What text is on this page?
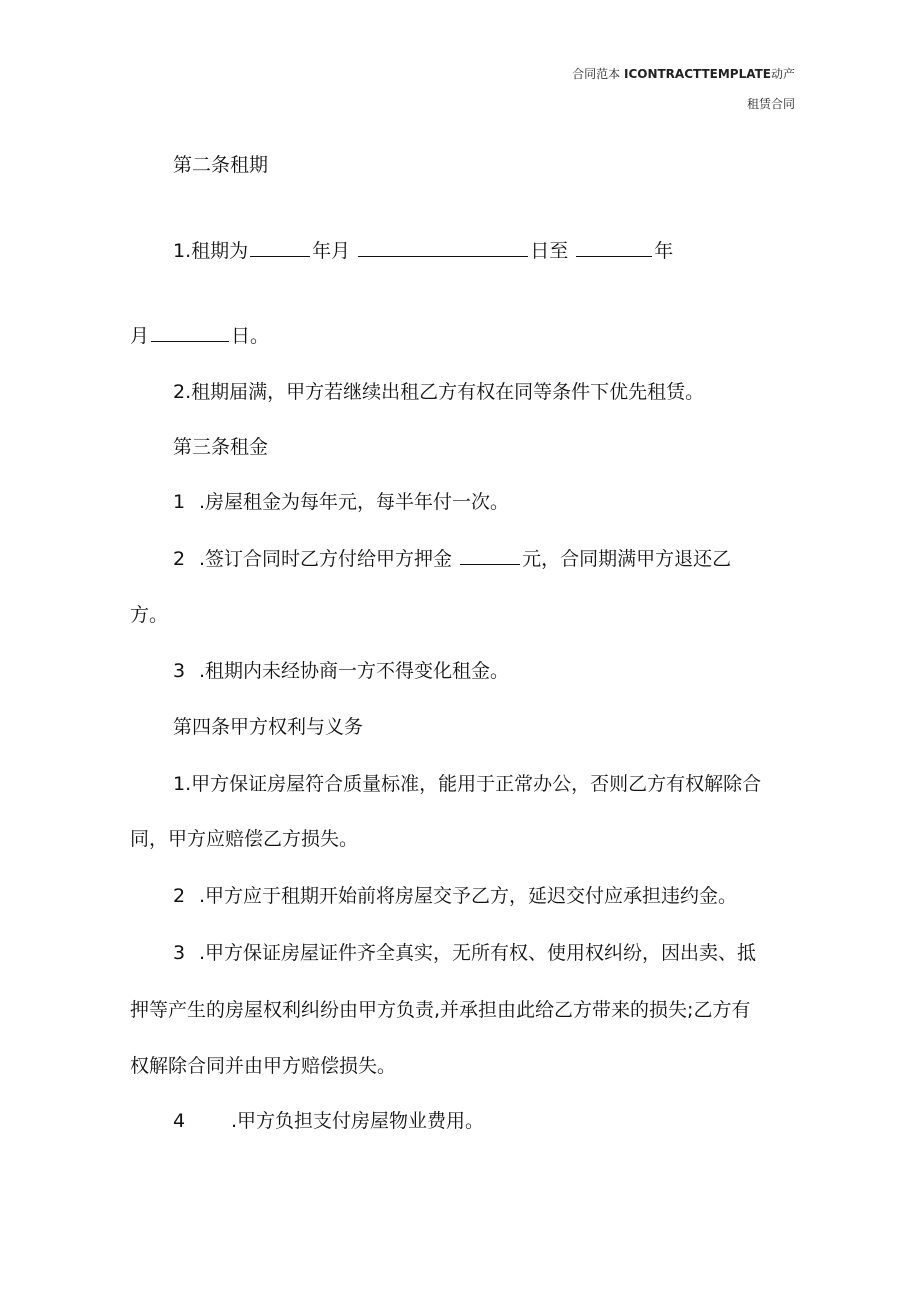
合同范本 ICONTRACTTEMPLATE动产
租赁合同
第二条租期
1.租期为	年月	日至	年
月	日。
2.租期届满，甲方若继续出租乙方有权在同等条件下优先租赁。
第三条租金
1 .房屋租金为每年元，每半年付一次。
2 .签订合同时乙方付给甲方押金	元，合同期满甲方退还乙
方。
3 .租期内未经协商一方不得变化租金。
第四条甲方权利与义务
1.甲方保证房屋符合质量标准，能用于正常办公，否则乙方有权解除合
同，甲方应赔偿乙方损失。
2 .甲方应于租期开始前将房屋交予乙方，延迟交付应承担违约金。
3 .甲方保证房屋证件齐全真实，无所有权、使用权纠纷，因出卖、抵
押等产生的房屋权利纠纷由甲方负责,并承担由此给乙方带来的损失;乙方有
权解除合同并由甲方赔偿损失。
4 .甲方负担支付房屋物业费用。
